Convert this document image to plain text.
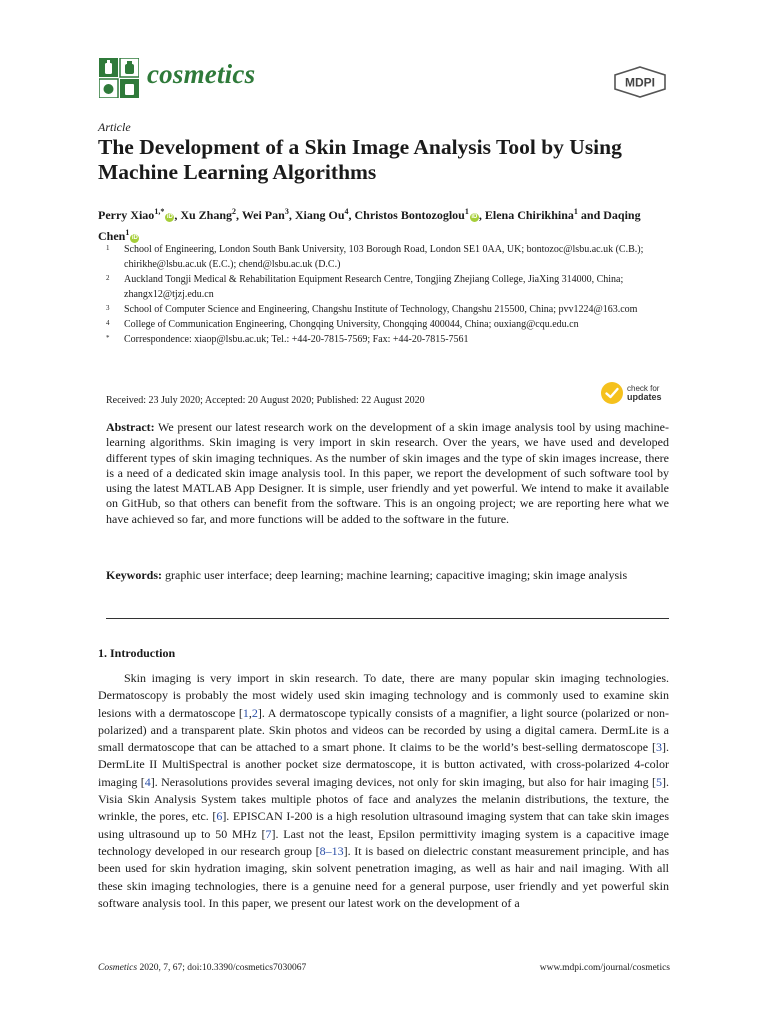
cosmetics	MDPI
Article
The Development of a Skin Image Analysis Tool by Using Machine Learning Algorithms
Perry Xiao$^{1,*}$iD , Xu Zhang$^2$, Wei Pan$^3$, Xiang Ou$^4$, Christos Bontozoglou$^1$iD , Elena Chirikhina$^1$ and Daqing Chen$^1$iD
1	School of Engineering, London South Bank University, 103 Borough Road, London SE1 0AA, UK; bontozoc@lsbu.ac.uk (C.B.); chirikhe@lsbu.ac.uk (E.C.); chend@lsbu.ac.uk (D.C.)
2	Auckland Tongji Medical & Rehabilitation Equipment Research Centre, Tongjing Zhejiang College, JiaXing 314000, China; zhangx12@tjzj.edu.cn
3	School of Computer Science and Engineering, Changshu Institute of Technology, Changshu 215500, China; pvv1224@163.com
4	College of Communication Engineering, Chongqing University, Chongqing 400044, China; ouxiang@cqu.edu.cn
*	Correspondence: xiaop@lsbu.ac.uk; Tel.: +44-20-7815-7569; Fax: +44-20-7815-7561
Received: 23 July 2020; Accepted: 20 August 2020; Published: 22 August 2020
check for
updates

Abstract: We present our latest research work on the development of a skin image analysis tool by using machine-learning algorithms. Skin imaging is very import in skin research. Over the years, we have used and developed different types of skin imaging techniques. As the number of skin images and the type of skin images increase, there is a need of a dedicated skin image analysis tool. In this paper, we report the development of such software tool by using the latest MATLAB App Designer. It is simple, user friendly and yet powerful. We intend to make it available on GitHub, so that others can benefit from the software. This is an ongoing project; we are reporting here what we have achieved so far, and more functions will be added to the software in the future.

Keywords: graphic user interface; deep learning; machine learning; capacitive imaging; skin image analysis

1. Introduction

Skin imaging is very import in skin research. To date, there are many popular skin imaging technologies. Dermatoscopy is probably the most widely used skin imaging technology and is commonly used to examine skin lesions with a dermatoscope [1,2]. A dermatoscope typically consists of a magnifier, a light source (polarized or non-polarized) and a transparent plate. Skin photos and videos can be recorded by using a digital camera. DermLite is a small dermatoscope that can be attached to a smart phone. It claims to be the world’s best-selling dermatoscope [3]. DermLite II MultiSpectral is another pocket size dermatoscope, it is button activated, with cross-polarized 4-color imaging [4]. Nerasolutions provides several imaging devices, not only for skin imaging, but also for hair imaging [5]. Visia Skin Analysis System takes multiple photos of face and analyzes the melanin distributions, the texture, the wrinkle, the pores, etc. [6]. EPISCAN I-200 is a high resolution ultrasound imaging system that can take skin images using ultrasound up to 50 MHz [7]. Last not the least, Epsilon permittivity imaging system is a capacitive image technology developed in our research group [8–13]. It is based on dielectric constant measurement principle, and has been used for skin hydration imaging, skin solvent penetration imaging, as well as hair and nail imaging. With all these skin imaging technologies, there is a genuine need for a general purpose, user friendly and yet powerful skin software analysis tool. In this paper, we present our latest work on the development of a

Cosmetics 2020, 7, 67; doi:10.3390/cosmetics7030067	www.mdpi.com/journal/cosmetics
